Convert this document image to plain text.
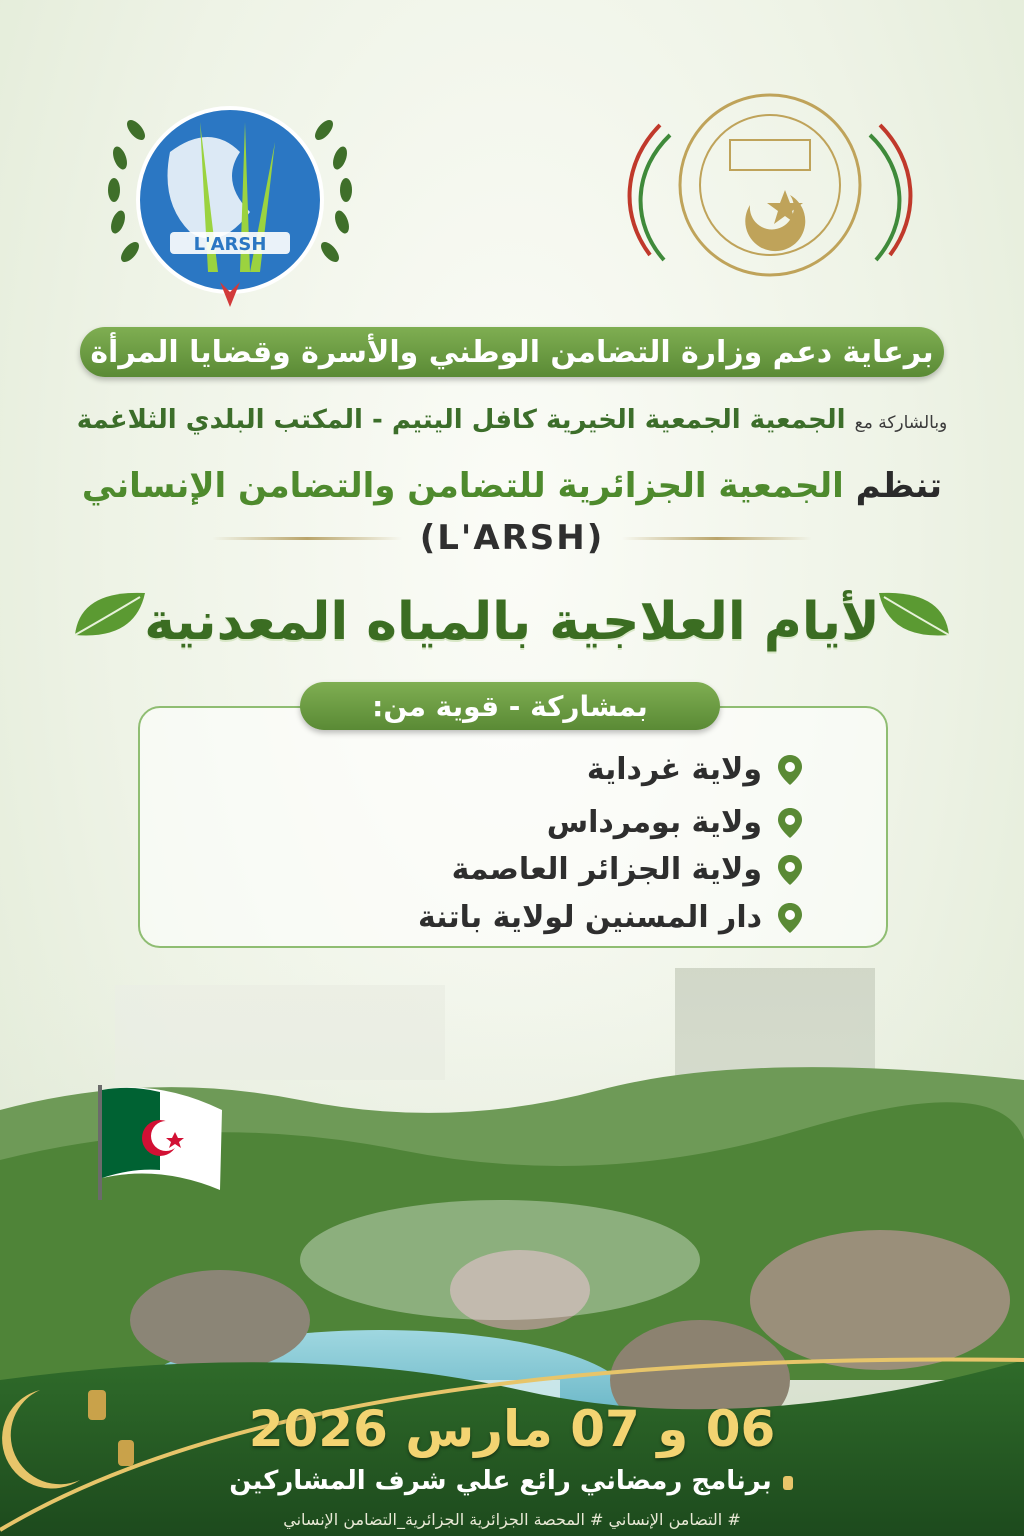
L'ARSH
برعاية دعم وزارة التضامن الوطني والأسرة وقضايا المرأة
وبالشاركة مع الجمعية الجمعية الخيرية كافل اليتيم - المكتب البلدي الثلاغمة
تنظم الجمعية الجزائرية للتضامن والتضامن الإنساني
(L'ARSH)
لأيام العلاجية بالمياه المعدنية
بمشاركة - قوية من:
ولاية غرداية
ولاية بومرداس
ولاية الجزائر العاصمة
دار المسنين لولاية باتنة
06 و 07 مارس 2026
برنامج رمضاني رائع علي شرف المشاركين
# التضامن الإنساني # المحصة الجزائرية الجزائرية_التضامن الإنساني
